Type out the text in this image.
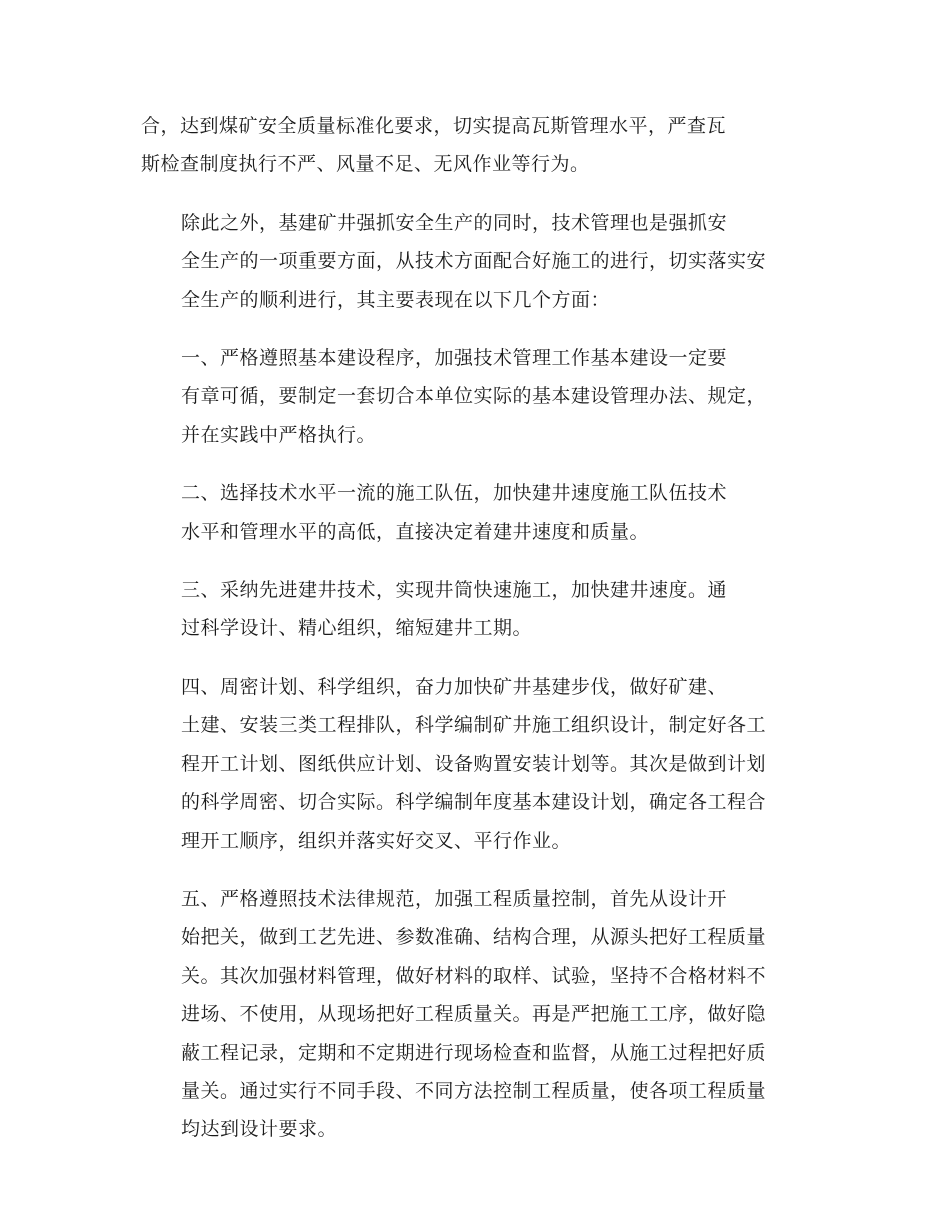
合，达到煤矿安全质量标准化要求，切实提高瓦斯管理水平，严查瓦
斯检查制度执行不严、风量不足、无风作业等行为。

除此之外，基建矿井强抓安全生产的同时，技术管理也是强抓安
全生产的一项重要方面，从技术方面配合好施工的进行，切实落实安
全生产的顺利进行，其主要表现在以下几个方面：

一、严格遵照基本建设程序，加强技术管理工作基本建设一定要
有章可循，要制定一套切合本单位实际的基本建设管理办法、规定，
并在实践中严格执行。

二、选择技术水平一流的施工队伍，加快建井速度施工队伍技术
水平和管理水平的高低，直接决定着建井速度和质量。

三、采纳先进建井技术，实现井筒快速施工，加快建井速度。通
过科学设计、精心组织，缩短建井工期。

四、周密计划、科学组织，奋力加快矿井基建步伐，做好矿建、
土建、安装三类工程排队，科学编制矿井施工组织设计，制定好各工
程开工计划、图纸供应计划、设备购置安装计划等。其次是做到计划
的科学周密、切合实际。科学编制年度基本建设计划，确定各工程合
理开工顺序，组织并落实好交叉、平行作业。

五、严格遵照技术法律规范，加强工程质量控制，首先从设计开
始把关，做到工艺先进、参数准确、结构合理，从源头把好工程质量
关。其次加强材料管理，做好材料的取样、试验，坚持不合格材料不
进场、不使用，从现场把好工程质量关。再是严把施工工序，做好隐
蔽工程记录，定期和不定期进行现场检查和监督，从施工过程把好质
量关。通过实行不同手段、不同方法控制工程质量，使各项工程质量
均达到设计要求。
